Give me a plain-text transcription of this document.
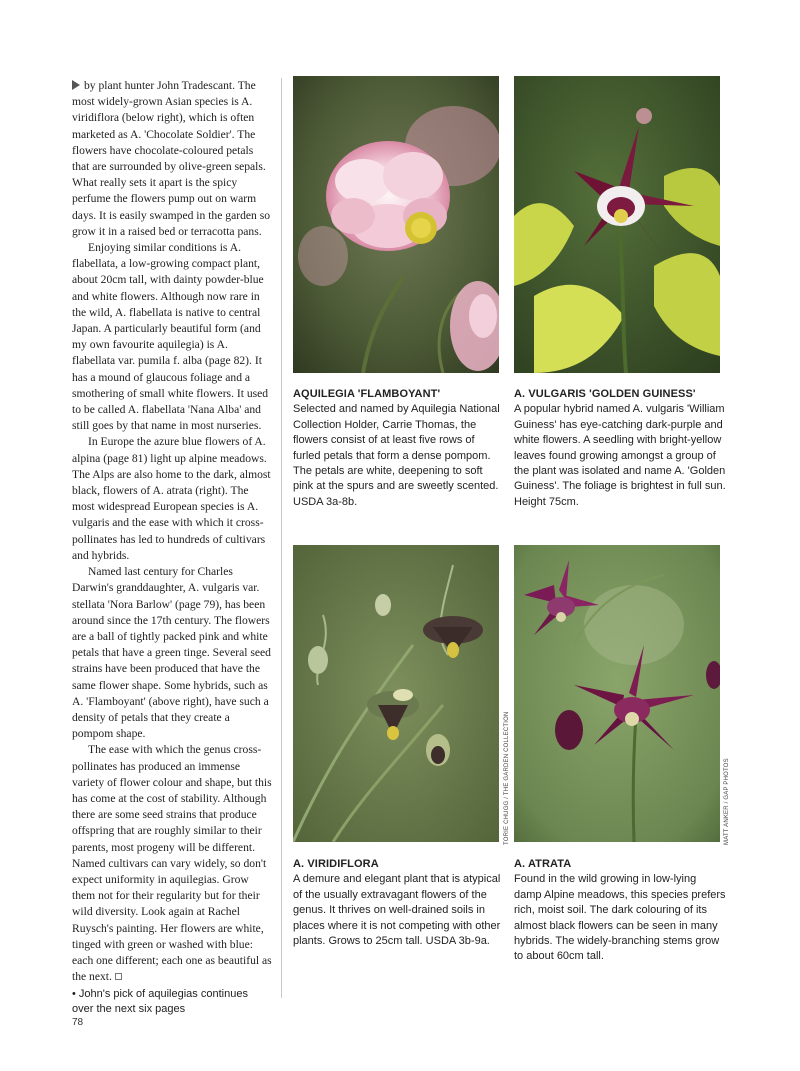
by plant hunter John Tradescant. The most widely-grown Asian species is A. viridiflora (below right), which is often marketed as A. 'Chocolate Soldier'. The flowers have chocolate-coloured petals that are surrounded by olive-green sepals. What really sets it apart is the spicy perfume the flowers pump out on warm days. It is easily swamped in the garden so grow it in a raised bed or terracotta pans.

Enjoying similar conditions is A. flabellata, a low-growing compact plant, about 20cm tall, with dainty powder-blue and white flowers. Although now rare in the wild, A. flabellata is native to central Japan. A particularly beautiful form (and my own favourite aquilegia) is A. flabellata var. pumila f. alba (page 82). It has a mound of glaucous foliage and a smothering of small white flowers. It used to be called A. flabellata 'Nana Alba' and still goes by that name in most nurseries.

In Europe the azure blue flowers of A. alpina (page 81) light up alpine meadows. The Alps are also home to the dark, almost black, flowers of A. atrata (right). The most widespread European species is A. vulgaris and the ease with which it cross-pollinates has led to hundreds of cultivars and hybrids.

Named last century for Charles Darwin's granddaughter, A. vulgaris var. stellata 'Nora Barlow' (page 79), has been around since the 17th century. The flowers are a ball of tightly packed pink and white petals that have a green tinge. Several seed strains have been produced that have the same flower shape. Some hybrids, such as A. 'Flamboyant' (above right), have such a density of petals that they create a pompom shape.

The ease with which the genus cross-pollinates has produced an immense variety of flower colour and shape, but this has come at the cost of stability. Although there are some seed strains that produce offspring that are roughly similar to their parents, most progeny will be different. Named cultivars can vary widely, so don't expect uniformity in aquilegias. Grow them not for their regularity but for their wild diversity. Look again at Rachel Ruysch's painting. Her flowers are white, tinged with green or washed with blue: each one different; each one as beautiful as the next.

• John's pick of aquilegias continues over the next six pages

AQUILEGIA 'FLAMBOYANT'
Selected and named by Aquilegia National Collection Holder, Carrie Thomas, the flowers consist of at least five rows of furled petals that form a dense pompom. The petals are white, deepening to soft pink at the spurs and are sweetly scented. USDA 3a-8b.
A. VULGARIS 'GOLDEN GUINESS'
A popular hybrid named A. vulgaris 'William Guiness' has eye-catching dark-purple and white flowers. A seedling with bright-yellow leaves found growing amongst a group of the plant was isolated and name A. 'Golden Guiness'. The foliage is brightest in full sun. Height 75cm.
TORIE CHUGG / THE GARDEN COLLECTION	MATT ANKER / GAP PHOTOS
A. VIRIDIFLORA
A demure and elegant plant that is atypical of the usually extravagant flowers of the genus. It thrives on well-drained soils in places where it is not competing with other plants. Grows to 25cm tall. USDA 3b-9a.
A. ATRATA
Found in the wild growing in low-lying damp Alpine meadows, this species prefers rich, moist soil. The dark colouring of its almost black flowers can be seen in many hybrids. The widely-branching stems grow to about 60cm tall.
78
